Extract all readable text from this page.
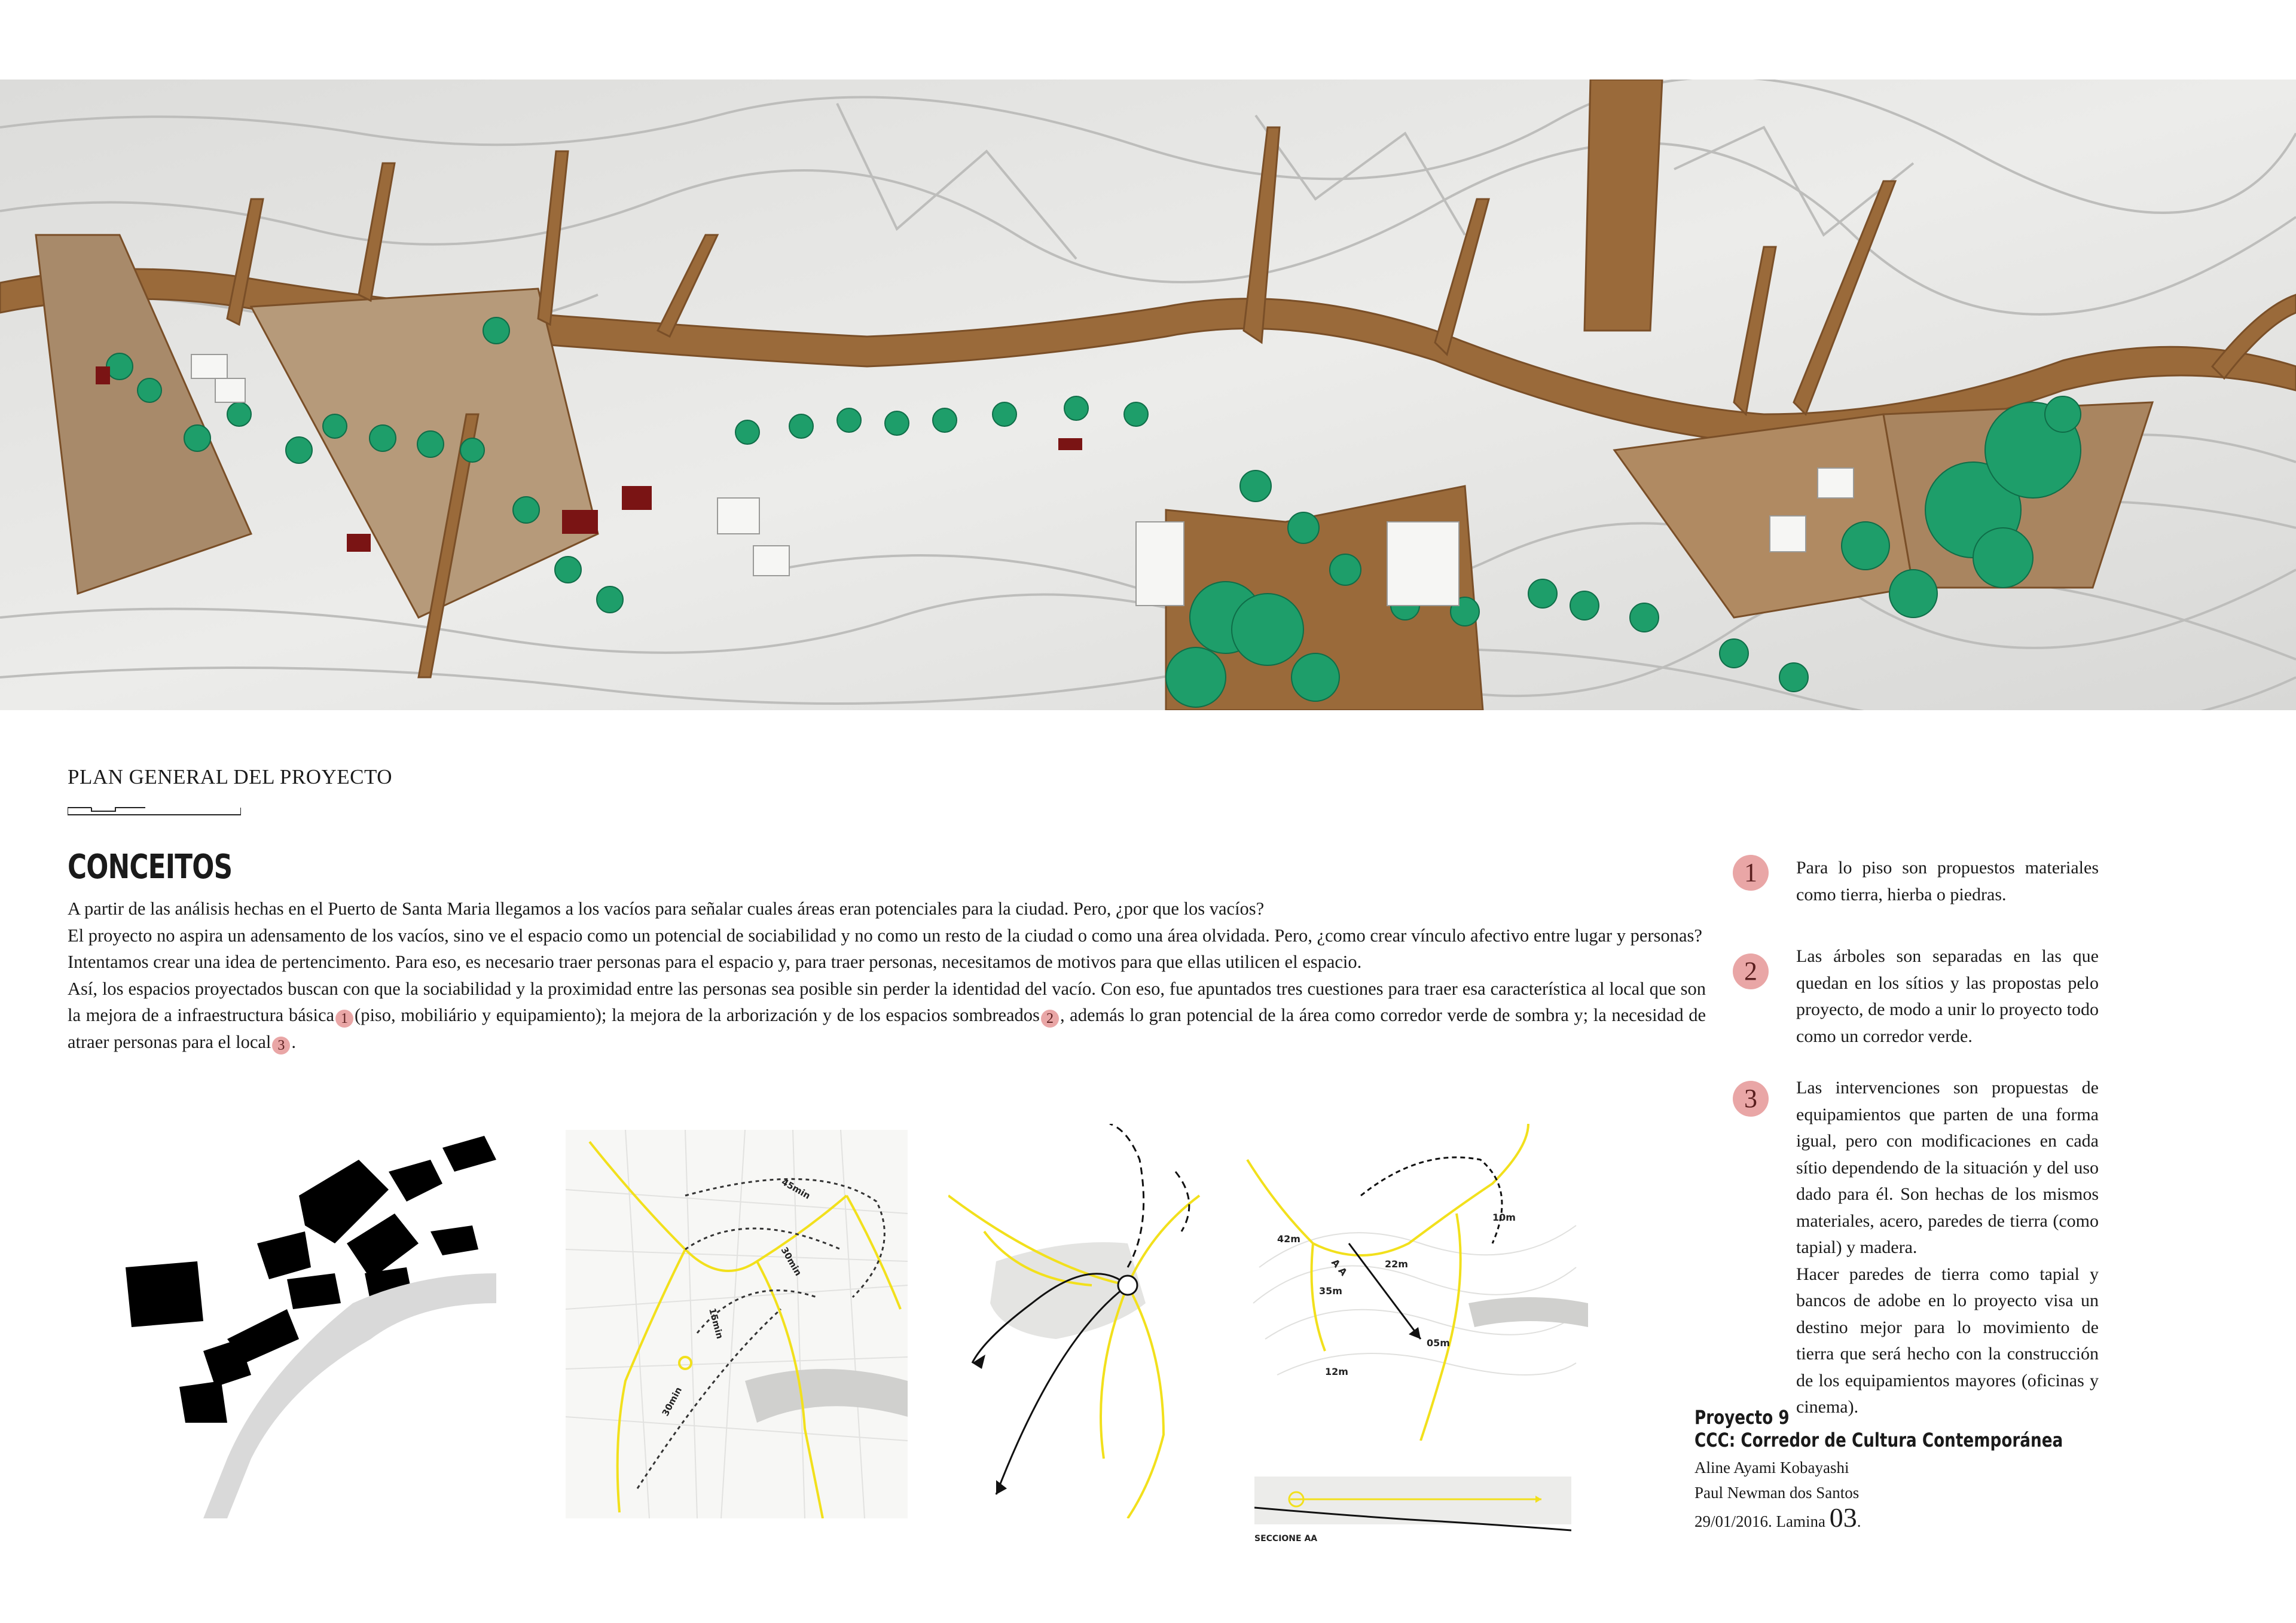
PLAN GENERAL DEL PROYECTO
CONCEITOS

A partir de las análisis hechas en el Puerto de Santa Maria llegamos a los vacíos para señalar cuales áreas eran potenciales para la ciudad. Pero, ¿por que los vacíos?

El proyecto no aspira un adensamento de los vacíos, sino ve el espacio como un potencial de sociabilidad y no como un resto de la ciudad o como una área olvidada. Pero, ¿como crear vínculo afectivo entre lugar y personas?

Intentamos crear una idea de pertencimento. Para eso, es necesario traer personas para el espacio y, para traer personas, necesitamos de motivos para que ellas utilicen el espacio.

Así, los espacios proyectados buscan con que la sociabilidad y la proximidad entre las personas sea posible sin perder la identidad del vacío. Con eso, fue apuntados tres cuestiones para traer esa característica al local que son la mejora de a infraestructura básica 1 (piso, mobiliário y equipamiento); la mejora de la arborización y de los espacios sombreados 2 , además lo gran potencial de la área como corredor verde de sombra y; la necesidad de atraer personas para el local 3 .

1	Para lo piso son propuestos materiales como tierra, hierba o piedras.
2
Las árboles son separadas en las que quedan en los sítios y las propostas pelo proyecto, de modo a unir lo proyecto todo como un corredor verde.
3	Las intervenciones son propuestas de equipamientos que parten de una forma igual, pero con modificaciones en cada sítio dependendo de la situación y del uso dado para él. Son hechas de los mismos materiales, acero, paredes de tierra (como tapial) y madera.

Hacer paredes de tierra como tapial y bancos de adobe en lo proyecto visa un destino mejor para lo movimiento de tierra que será hecho con la construcción de los equipamientos mayores (oficinas y cinema).

Proyecto 9
CCC: Corredor de Cultura Contemporánea
Aline Ayami Kobayashi
Paul Newman dos Santos
29/01/2016. Lamina 03.
45min
30min
15min
30min
42m
35m
22m
10m
05m
12m
A A
SECCIONE AA
